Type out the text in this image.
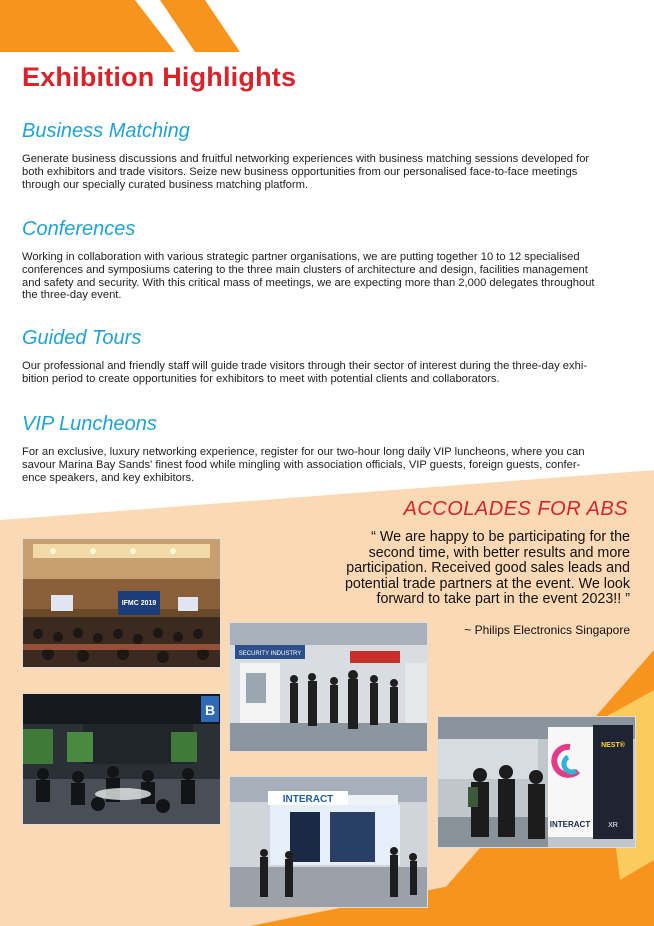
Exhibition Highlights
Business Matching
Generate business discussions and fruitful networking experiences with business matching sessions developed for
both exhibitors and trade visitors. Seize new business opportunities from our personalised face-to-face meetings
through our specially curated business matching platform.
Conferences
Working in collaboration with various strategic partner organisations, we are putting together 10 to 12 specialised
conferences and symposiums catering to the three main clusters of architecture and design, facilities management
and safety and security. With this critical mass of meetings, we are expecting more than 2,000 delegates throughout
the three-day event.
Guided Tours
Our professional and friendly staff will guide trade visitors through their sector of interest during the three-day exhi-
bition period to create opportunities for exhibitors to meet with potential clients and collaborators.
VIP Luncheons
For an exclusive, luxury networking experience, register for our two-hour long daily VIP luncheons, where you can
savour Marina Bay Sands' finest food while mingling with association officials, VIP guests, foreign guests, confer-
ence speakers, and key exhibitors.
ACCOLADES FOR ABS
“ We are happy to be participating for the
second time, with better results and more
participation. Received good sales leads and
potential trade partners at the event. We look
forward to take part in the event 2023!! ”
~ Philips Electronics Singapore
IFMC 2019
SECURITY INDUSTRY
B
INTERACT
INTERACT
NEST®
XR
